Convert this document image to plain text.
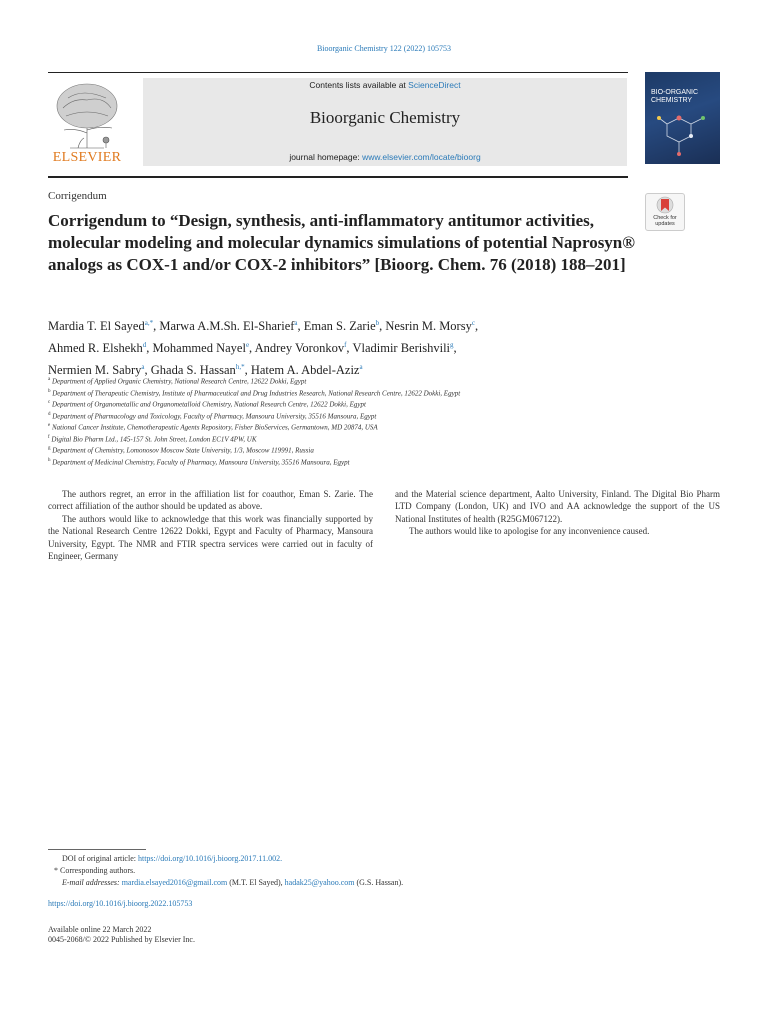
Bioorganic Chemistry 122 (2022) 105753
ELSEVIER
Contents lists available at ScienceDirect
Bioorganic Chemistry
journal homepage: www.elsevier.com/locate/bioorg
BIO-ORGANIC CHEMISTRY
Corrigendum
Corrigendum to “Design, synthesis, anti-inflammatory antitumor activities, molecular modeling and molecular dynamics simulations of potential Naprosyn® analogs as COX-1 and/or COX-2 inhibitors” [Bioorg. Chem. 76 (2018) 188–201]
Check for updates
Mardia T. El Sayed$^{a,*}$, Marwa A.M.Sh. El-Sharief$^a$, Eman S. Zarie$^b$, Nesrin M. Morsy$^c$,
Ahmed R. Elshekh$^d$, Mohammed Nayel$^e$, Andrey Voronkov$^f$, Vladimir Berishvili$^g$,
Nermien M. Sabry$^a$, Ghada S. Hassan$^{h,*}$, Hatem A. Abdel-Aziz$^a$
$^a$ Department of Applied Organic Chemistry, National Research Centre, 12622 Dokki, Egypt
$^b$ Department of Therapeutic Chemistry, Institute of Pharmaceutical and Drug Industries Research, National Research Centre, 12622 Dokki, Egypt
$^c$ Department of Organometallic and Organometalloid Chemistry, National Research Centre, 12622 Dokki, Egypt
$^d$ Department of Pharmacology and Toxicology, Faculty of Pharmacy, Mansoura University, 35516 Mansoura, Egypt
$^e$ National Cancer Institute, Chemotherapeutic Agents Repository, Fisher BioServices, Germantown, MD 20874, USA
$^f$ Digital Bio Pharm Ltd., 145-157 St. John Street, London EC1V 4PW, UK
$^g$ Department of Chemistry, Lomonosov Moscow State University, 1/3, Moscow 119991, Russia
$^h$ Department of Medicinal Chemistry, Faculty of Pharmacy, Mansoura University, 35516 Mansoura, Egypt

The authors regret, an error in the affiliation list for coauthor, Eman S. Zarie. The correct affiliation of the author should be updated as above.

The authors would like to acknowledge that this work was financially supported by the National Research Centre 12622 Dokki, Egypt and Faculty of Pharmacy, Mansoura University, Egypt. The NMR and FTIR spectra services were carried out in faculty of Engineer, Germany

and the Material science department, Aalto University, Finland. The Digital Bio Pharm LTD Company (London, UK) and IVO and AA acknowledge the support of the US National Institutes of health (R25GM067122).

The authors would like to apologise for any inconvenience caused.

DOI of original article: https://doi.org/10.1016/j.bioorg.2017.11.002.
* Corresponding authors.
E-mail addresses: mardia.elsayed2016@gmail.com (M.T. El Sayed), hadak25@yahoo.com (G.S. Hassan).
https://doi.org/10.1016/j.bioorg.2022.105753
Available online 22 March 2022
0045-2068/© 2022 Published by Elsevier Inc.
